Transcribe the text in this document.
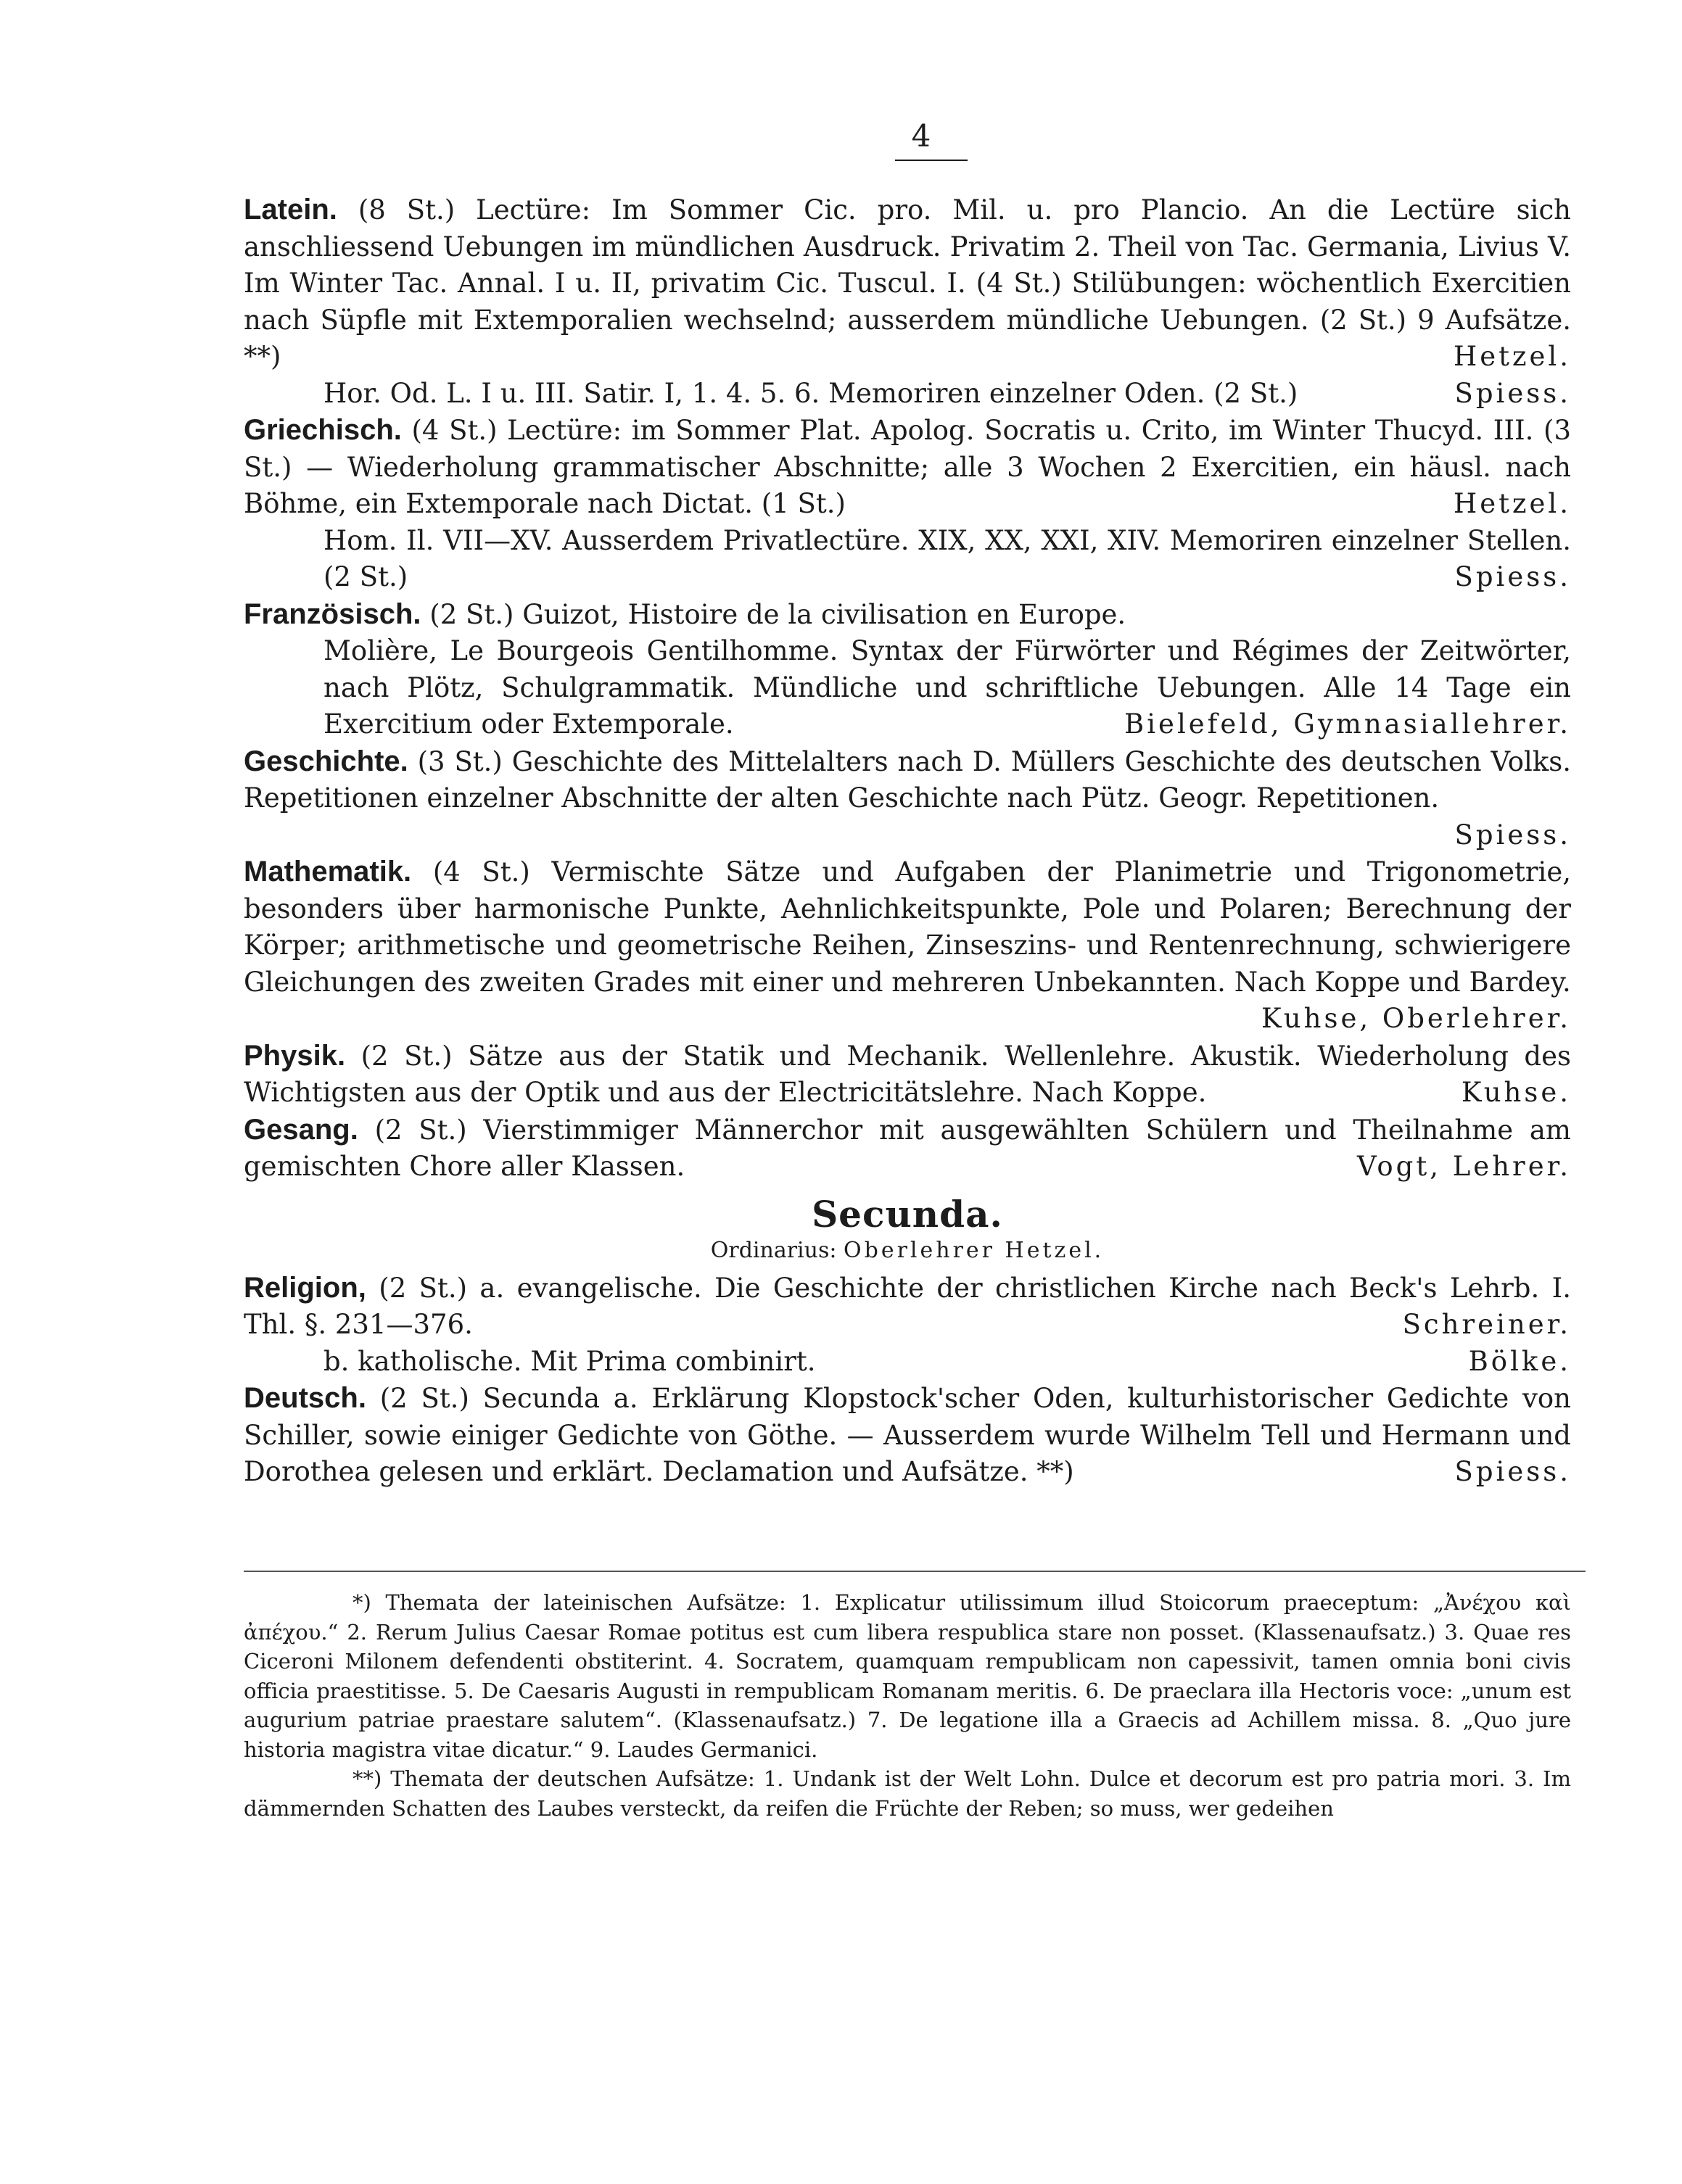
4
Latein. (8 St.) Lectüre: Im Sommer Cic. pro. Mil. u. pro Plancio. An die Lectüre sich anschliessend Uebungen im mündlichen Ausdruck. Privatim 2. Theil von Tac. Germania, Livius V. Im Winter Tac. Annal. I u. II, privatim Cic. Tuscul. I. (4 St.) Stilübungen: wöchentlich Exercitien nach Süpfle mit Extemporalien wechselnd; ausserdem mündliche Uebungen. (2 St.) 9 Aufsätze. **)	Hetzel.
Hor. Od. L. I u. III. Satir. I, 1. 4. 5. 6. Memoriren einzelner Oden. (2 St.)	Spiess.
Griechisch. (4 St.) Lectüre: im Sommer Plat. Apolog. Socratis u. Crito, im Winter Thucyd. III. (3 St.) — Wiederholung grammatischer Abschnitte; alle 3 Wochen 2 Exercitien, ein häusl. nach Böhme, ein Extemporale nach Dictat. (1 St.)	Hetzel.
Hom. Il. VII—XV. Ausserdem Privatlectüre. XIX, XX, XXI, XIV. Memoriren einzelner Stellen. (2 St.)	Spiess.
Französisch. (2 St.) Guizot, Histoire de la civilisation en Europe.
Molière, Le Bourgeois Gentilhomme. Syntax der Fürwörter und Régimes der Zeitwörter, nach Plötz, Schulgrammatik. Mündliche und schriftliche Uebungen. Alle 14 Tage ein Exercitium oder Extemporale.	Bielefeld, Gymnasiallehrer.
Geschichte. (3 St.) Geschichte des Mittelalters nach D. Müllers Geschichte des deutschen Volks. Repetitionen einzelner Abschnitte der alten Geschichte nach Pütz. Geogr. Repetitionen.
Spiess.
Mathematik. (4 St.) Vermischte Sätze und Aufgaben der Planimetrie und Trigonometrie, besonders über harmonische Punkte, Aehnlichkeitspunkte, Pole und Polaren; Berechnung der Körper; arithmetische und geometrische Reihen, Zinseszins- und Rentenrechnung, schwierigere Gleichungen des zweiten Grades mit einer und mehreren Unbekannten. Nach Koppe und Bardey.
Kuhse, Oberlehrer.
Physik. (2 St.) Sätze aus der Statik und Mechanik. Wellenlehre. Akustik. Wiederholung des Wichtigsten aus der Optik und aus der Electricitätslehre. Nach Koppe.	Kuhse.
Gesang. (2 St.) Vierstimmiger Männerchor mit ausgewählten Schülern und Theilnahme am gemischten Chore aller Klassen.	Vogt, Lehrer.
Secunda.
Ordinarius: Oberlehrer Hetzel.
Religion, (2 St.) a. evangelische. Die Geschichte der christlichen Kirche nach Beck's Lehrb. I. Thl. §. 231—376.	Schreiner.
b. katholische. Mit Prima combinirt.	Bölke.
Deutsch. (2 St.) Secunda a. Erklärung Klopstock'scher Oden, kulturhistorischer Gedichte von Schiller, sowie einiger Gedichte von Göthe. — Ausserdem wurde Wilhelm Tell und Hermann und Dorothea gelesen und erklärt. Declamation und Aufsätze. **)	Spiess.
*) Themata der lateinischen Aufsätze: 1. Explicatur utilissimum illud Stoicorum praeceptum: „Ἀνέχου καὶ ἀπέχου.“ 2. Rerum Julius Caesar Romae potitus est cum libera respublica stare non posset. (Klassenaufsatz.) 3. Quae res Ciceroni Milonem defendenti obstiterint. 4. Socratem, quamquam rempublicam non capessivit, tamen omnia boni civis officia praestitisse. 5. De Caesaris Augusti in rempublicam Romanam meritis. 6. De praeclara illa Hectoris voce: „unum est augurium patriae praestare salutem“. (Klassenaufsatz.) 7. De legatione illa a Graecis ad Achillem missa. 8. „Quo jure historia magistra vitae dicatur.“ 9. Laudes Germanici.
**) Themata der deutschen Aufsätze: 1. Undank ist der Welt Lohn. Dulce et decorum est pro patria mori. 3. Im dämmernden Schatten des Laubes versteckt, da reifen die Früchte der Reben; so muss, wer gedeihen
